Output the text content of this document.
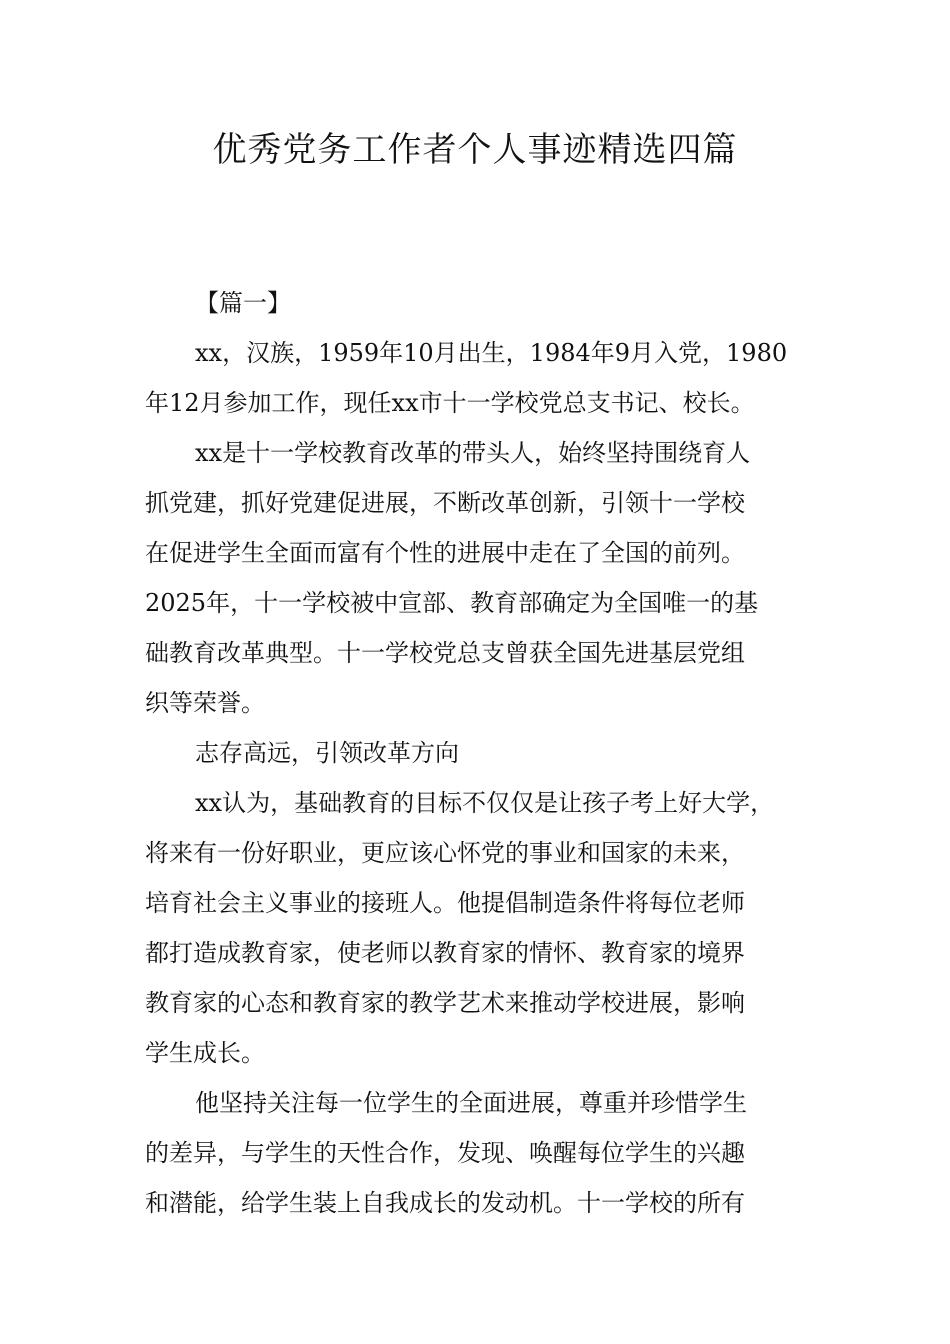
优秀党务工作者个人事迹精选四篇
【篇一】
xx，汉族，1959年10月出生，1984年9月入党，1980
年12月参加工作，现任xx市十一学校党总支书记、校长。
xx是十一学校教育改革的带头人，始终坚持围绕育人
抓党建，抓好党建促进展，不断改革创新，引领十一学校
在促进学生全面而富有个性的进展中走在了全国的前列。
2025年，十一学校被中宣部、教育部确定为全国唯一的基
础教育改革典型。十一学校党总支曾获全国先进基层党组
织等荣誉。
志存高远，引领改革方向
xx认为，基础教育的目标不仅仅是让孩子考上好大学，
将来有一份好职业，更应该心怀党的事业和国家的未来，
培育社会主义事业的接班人。他提倡制造条件将每位老师
都打造成教育家，使老师以教育家的情怀、教育家的境界
教育家的心态和教育家的教学艺术来推动学校进展，影响
学生成长。
他坚持关注每一位学生的全面进展，尊重并珍惜学生
的差异，与学生的天性合作，发现、唤醒每位学生的兴趣
和潜能，给学生装上自我成长的发动机。十一学校的所有
